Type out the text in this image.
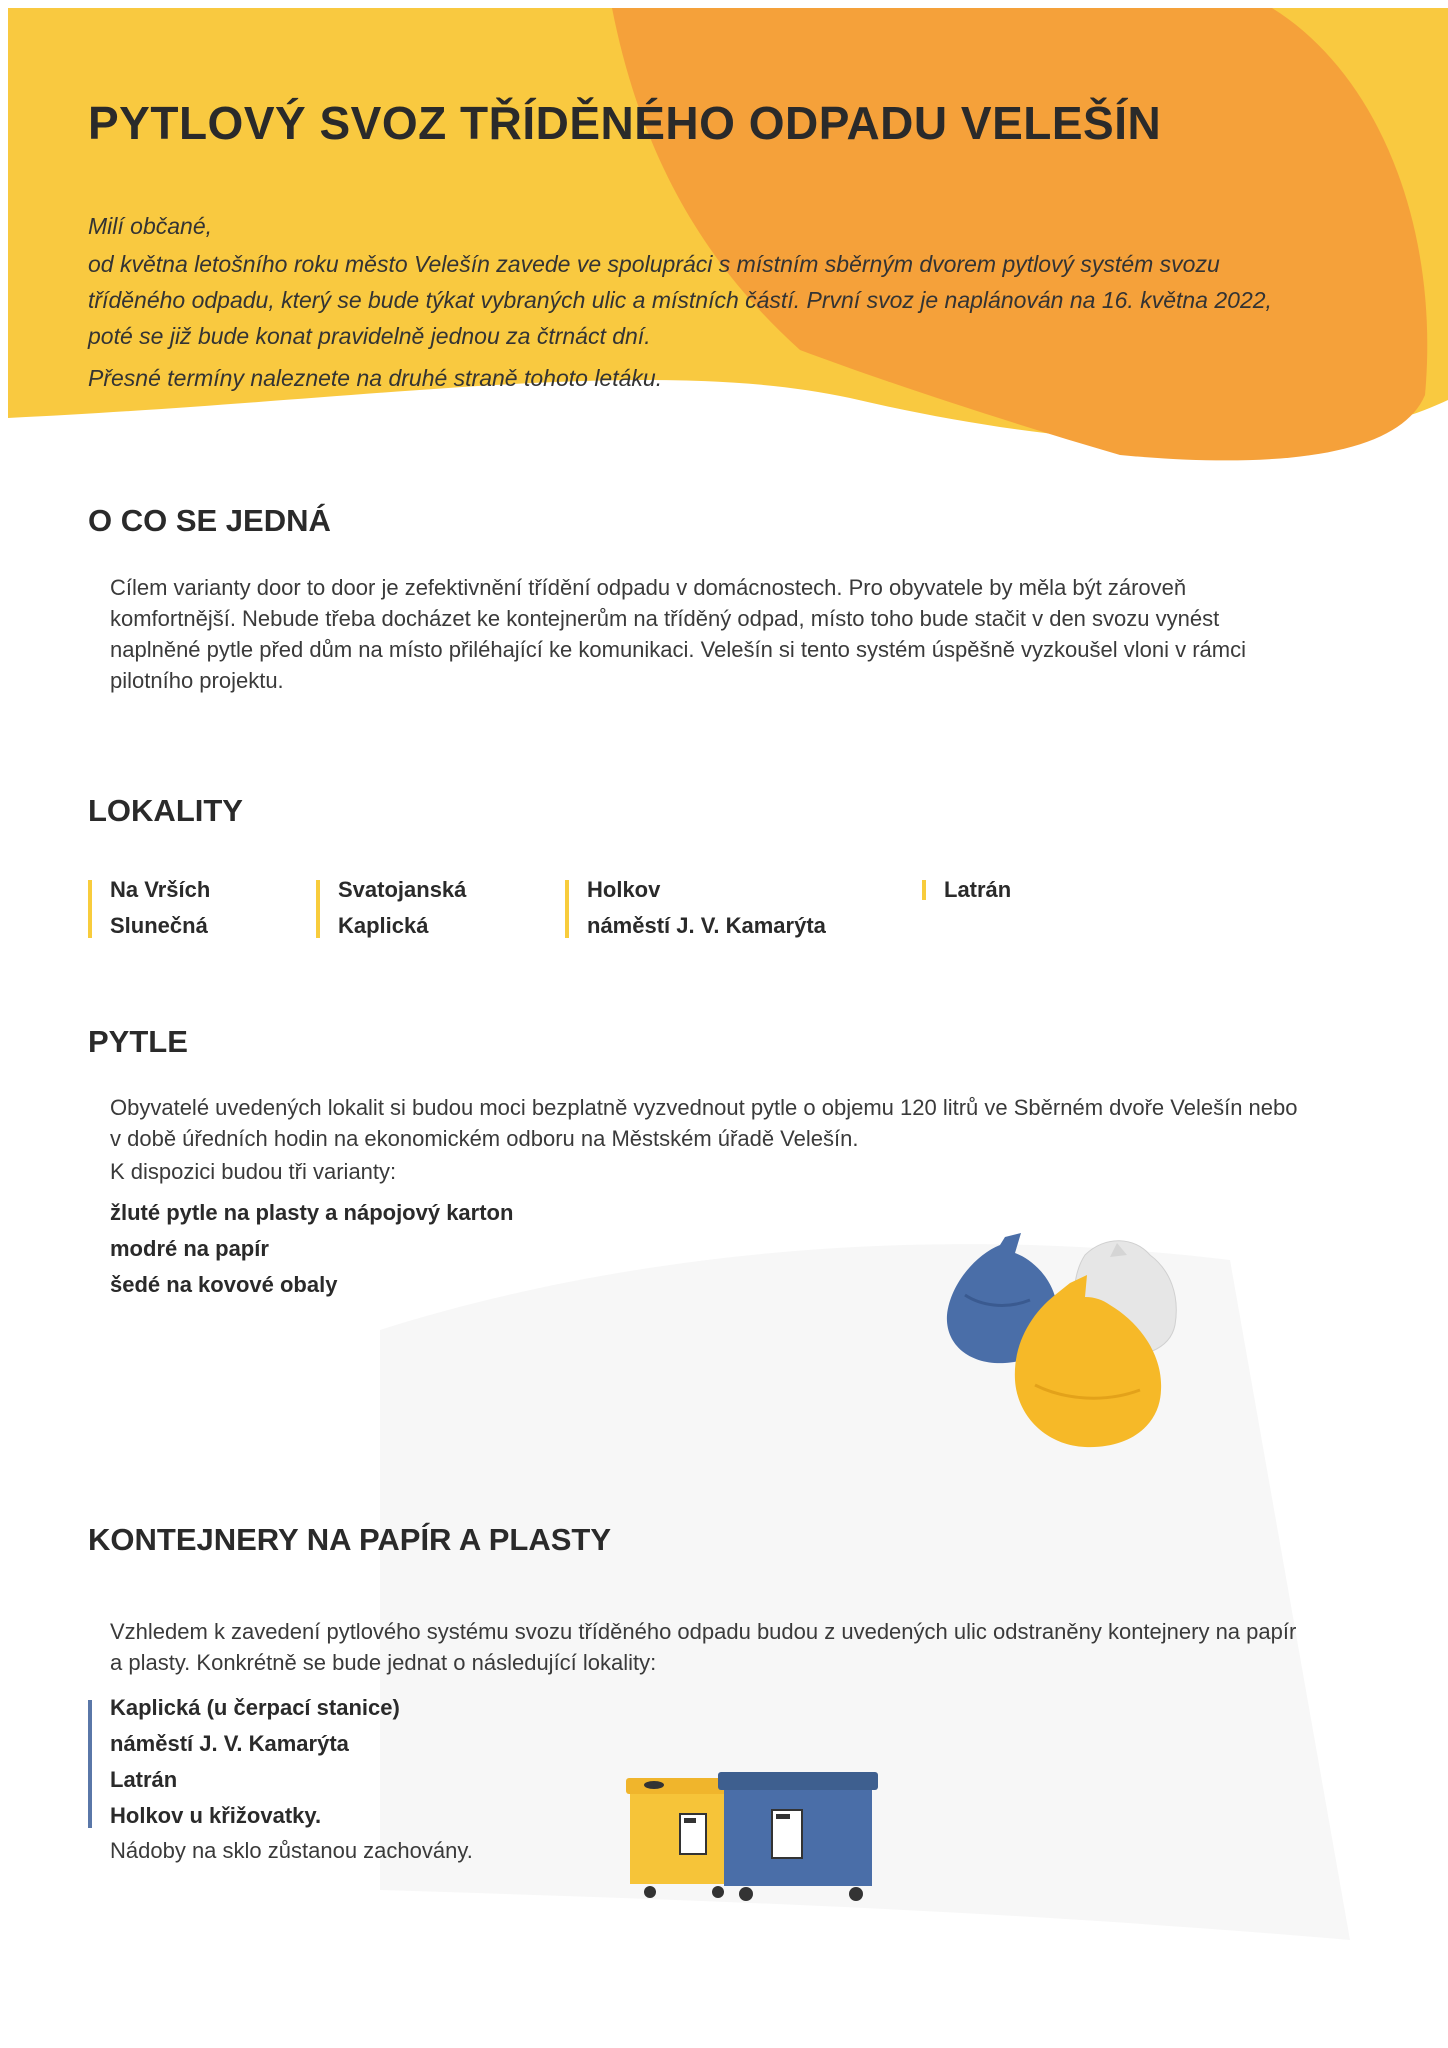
PYTLOVÝ SVOZ TŘÍDĚNÉHO ODPADU VELEŠÍN

Milí občané,

od května letošního roku město Velešín zavede ve spolupráci s místním sběrným dvorem pytlový systém svozu tříděného odpadu, který se bude týkat vybraných ulic a místních částí. První svoz je naplánován na 16. května 2022, poté se již bude konat pravidelně jednou za čtrnáct dní.

Přesné termíny naleznete na druhé straně tohoto letáku.

O CO SE JEDNÁ

Cílem varianty door to door je zefektivnění třídění odpadu v domácnostech. Pro obyvatele by měla být zároveň komfortnější. Nebude třeba docházet ke kontejnerům na tříděný odpad, místo toho bude stačit v den svozu vynést naplněné pytle před dům na místo přiléhající ke komunikaci. Velešín si tento systém úspěšně vyzkoušel vloni v rámci pilotního projektu.

LOKALITY
Na Vrších
Slunečná
Svatojanská
Kaplická
Holkov
náměstí J. V. Kamarýta
Latrán
PYTLE

Obyvatelé uvedených lokalit si budou moci bezplatně vyzvednout pytle o objemu 120 litrů ve Sběrném dvoře Velešín nebo v době úředních hodin na ekonomickém odboru na Městském úřadě Velešín.

K dispozici budou tři varianty:

žluté pytle na plasty a nápojový karton
modré na papír
šedé na kovové obaly
KONTEJNERY NA PAPÍR A PLASTY

Vzhledem k zavedení pytlového systému svozu tříděného odpadu budou z uvedených ulic odstraněny kontejnery na papír a plasty. Konkrétně se bude jednat o následující lokality:

Kaplická (u čerpací stanice)
náměstí J. V. Kamarýta
Latrán
Holkov u křižovatky.

Nádoby na sklo zůstanou zachovány.
